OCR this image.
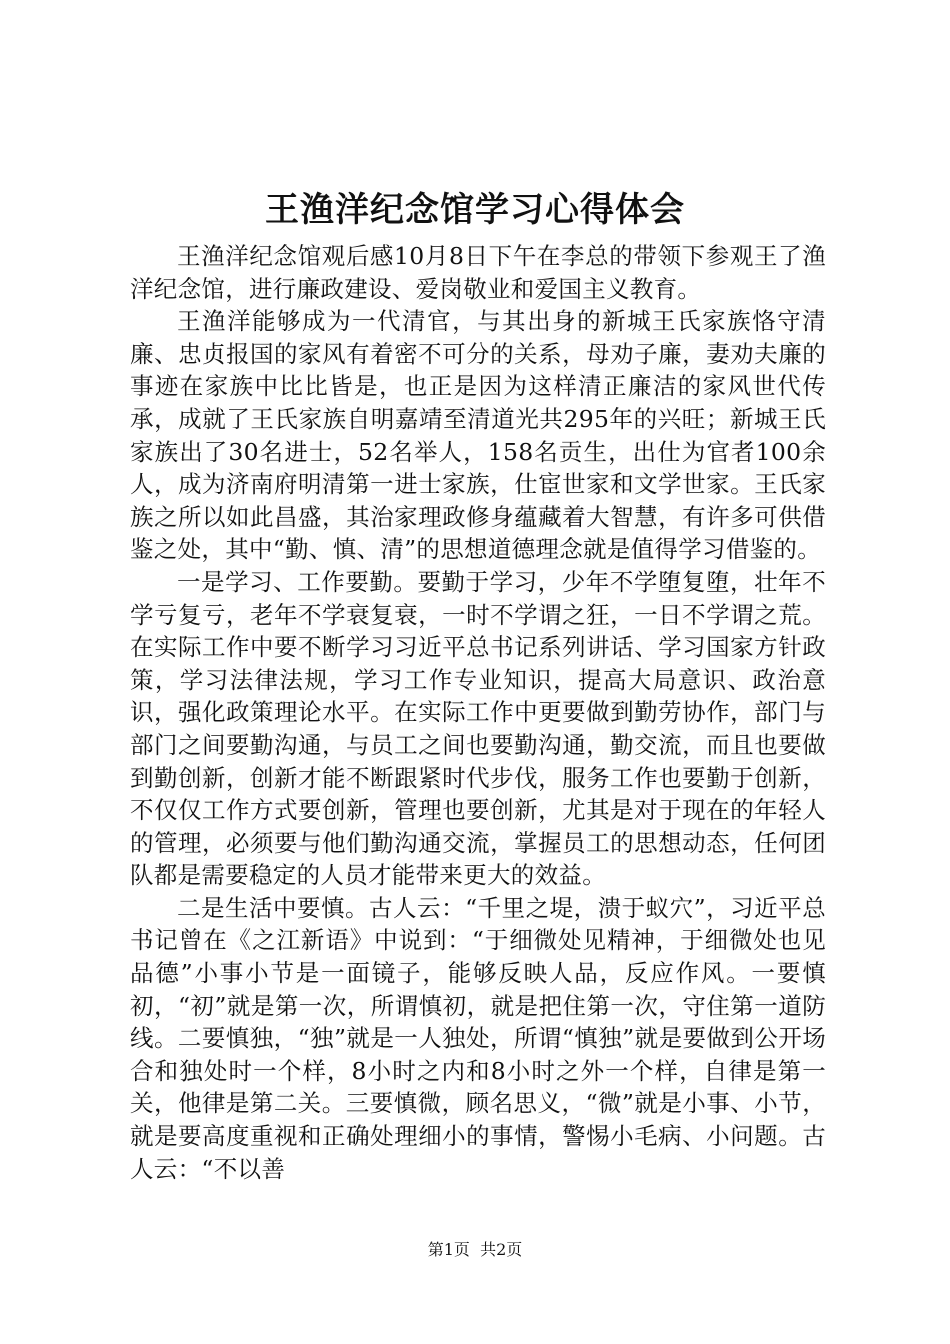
王渔洋纪念馆学习心得体会

王渔洋纪念馆观后感10月8日下午在李总的带领下参观王了渔洋纪念馆，进行廉政建设、爱岗敬业和爱国主义教育。

王渔洋能够成为一代清官，与其出身的新城王氏家族恪守清廉、忠贞报国的家风有着密不可分的关系，母劝子廉，妻劝夫廉的事迹在家族中比比皆是，也正是因为这样清正廉洁的家风世代传承，成就了王氏家族自明嘉靖至清道光共295年的兴旺；新城王氏家族出了30名进士，52名举人，158名贡生，出仕为官者100余人，成为济南府明清第一进士家族，仕宦世家和文学世家。王氏家族之所以如此昌盛，其治家理政修身蕴藏着大智慧，有许多可供借鉴之处，其中“勤、慎、清”的思想道德理念就是值得学习借鉴的。

一是学习、工作要勤。要勤于学习，少年不学堕复堕，壮年不学亏复亏，老年不学衰复衰，一时不学谓之狂，一日不学谓之荒。在实际工作中要不断学习习近平总书记系列讲话、学习国家方针政策，学习法律法规，学习工作专业知识，提高大局意识、政治意识，强化政策理论水平。在实际工作中更要做到勤劳协作，部门与部门之间要勤沟通，与员工之间也要勤沟通，勤交流，而且也要做到勤创新，创新才能不断跟紧时代步伐，服务工作也要勤于创新，不仅仅工作方式要创新，管理也要创新，尤其是对于现在的年轻人的管理，必须要与他们勤沟通交流，掌握员工的思想动态，任何团队都是需要稳定的人员才能带来更大的效益。

二是生活中要慎。古人云：“千里之堤，溃于蚁穴”，习近平总书记曾在《之江新语》中说到：“于细微处见精神，于细微处也见品德”小事小节是一面镜子，能够反映人品，反应作风。一要慎初，“初”就是第一次，所谓慎初，就是把住第一次，守住第一道防线。二要慎独，“独”就是一人独处，所谓“慎独”就是要做到公开场合和独处时一个样，8小时之内和8小时之外一个样，自律是第一关，他律是第二关。三要慎微，顾名思义，“微”就是小事、小节，就是要高度重视和正确处理细小的事情，警惕小毛病、小问题。古人云：“不以善

第1页 共2页
